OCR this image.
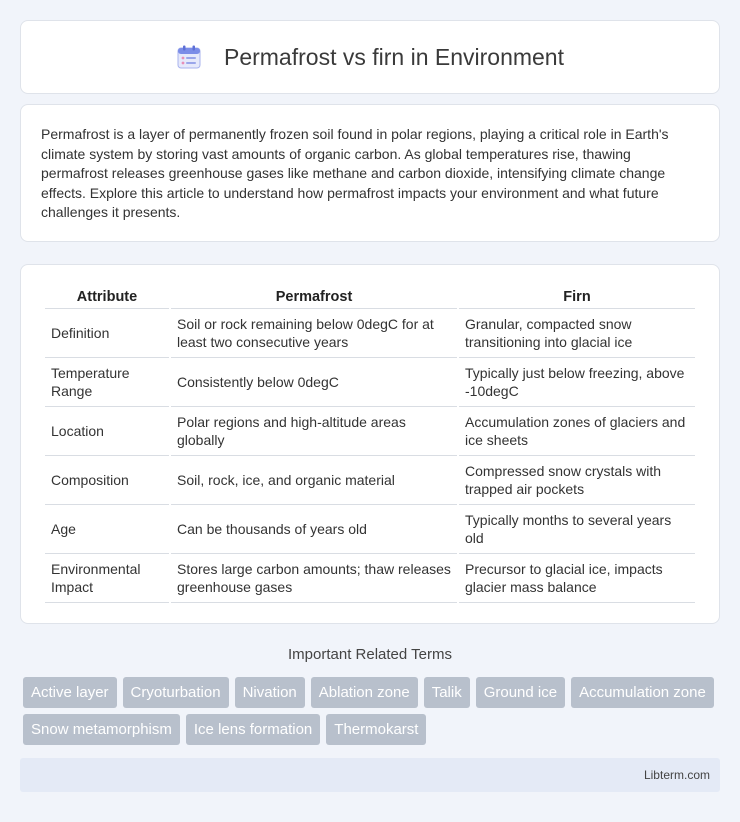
Permafrost vs firn in Environment

Permafrost is a layer of permanently frozen soil found in polar regions, playing a critical role in Earth's climate system by storing vast amounts of organic carbon. As global temperatures rise, thawing permafrost releases greenhouse gases like methane and carbon dioxide, intensifying climate change effects. Explore this article to understand how permafrost impacts your environment and what future challenges it presents.

Attribute	Permafrost	Firn
Definition	Soil or rock remaining below 0degC for at least two consecutive years	Granular, compacted snow transitioning into glacial ice
Temperature Range	Consistently below 0degC	Typically just below freezing, above -10degC
Location	Polar regions and high-altitude areas globally	Accumulation zones of glaciers and ice sheets
Composition	Soil, rock, ice, and organic material	Compressed snow crystals with trapped air pockets
Age	Can be thousands of years old	Typically months to several years old
Environmental Impact	Stores large carbon amounts; thaw releases greenhouse gases	Precursor to glacial ice, impacts glacier mass balance
Important Related Terms
Active layer	Cryoturbation	Nivation	Ablation zone	Talik	Ground ice	Accumulation zone
Snow metamorphism	Ice lens formation	Thermokarst
Libterm.com
